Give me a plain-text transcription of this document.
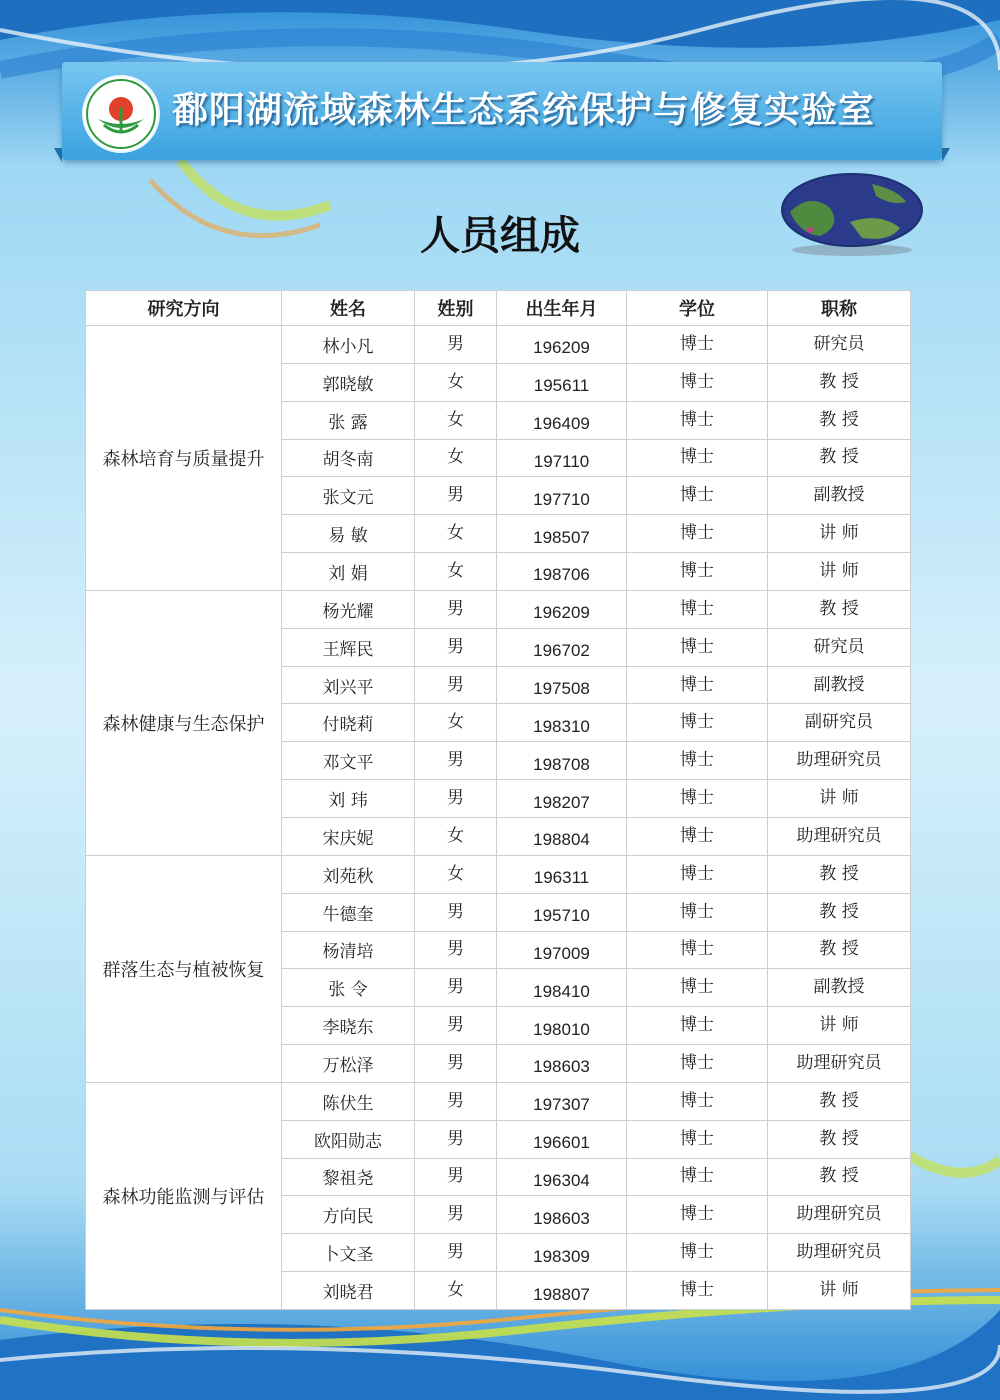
鄱阳湖流域森林生态系统保护与修复实验室
人员组成
研究方向	姓名	姓别	出生年月	学位	职称
森林培育与质量提升	林小凡	男	196209	博士	研究员
	郭晓敏	女	195611	博士	教 授
	张 露	女	196409	博士	教 授
	胡冬南	女	197110	博士	教 授
	张文元	男	197710	博士	副教授
	易 敏	女	198507	博士	讲 师
	刘 娟	女	198706	博士	讲 师
森林健康与生态保护	杨光耀	男	196209	博士	教 授
	王辉民	男	196702	博士	研究员
	刘兴平	男	197508	博士	副教授
	付晓莉	女	198310	博士	副研究员
	邓文平	男	198708	博士	助理研究员
	刘 玮	男	198207	博士	讲 师
	宋庆妮	女	198804	博士	助理研究员
群落生态与植被恢复	刘苑秋	女	196311	博士	教 授
	牛德奎	男	195710	博士	教 授
	杨清培	男	197009	博士	教 授
	张 令	男	198410	博士	副教授
	李晓东	男	198010	博士	讲 师
	万松泽	男	198603	博士	助理研究员
森林功能监测与评估	陈伏生	男	197307	博士	教 授
	欧阳勋志	男	196601	博士	教 授
	黎祖尧	男	196304	博士	教 授
	方向民	男	198603	博士	助理研究员
	卜文圣	男	198309	博士	助理研究员
	刘晓君	女	198807	博士	讲 师
